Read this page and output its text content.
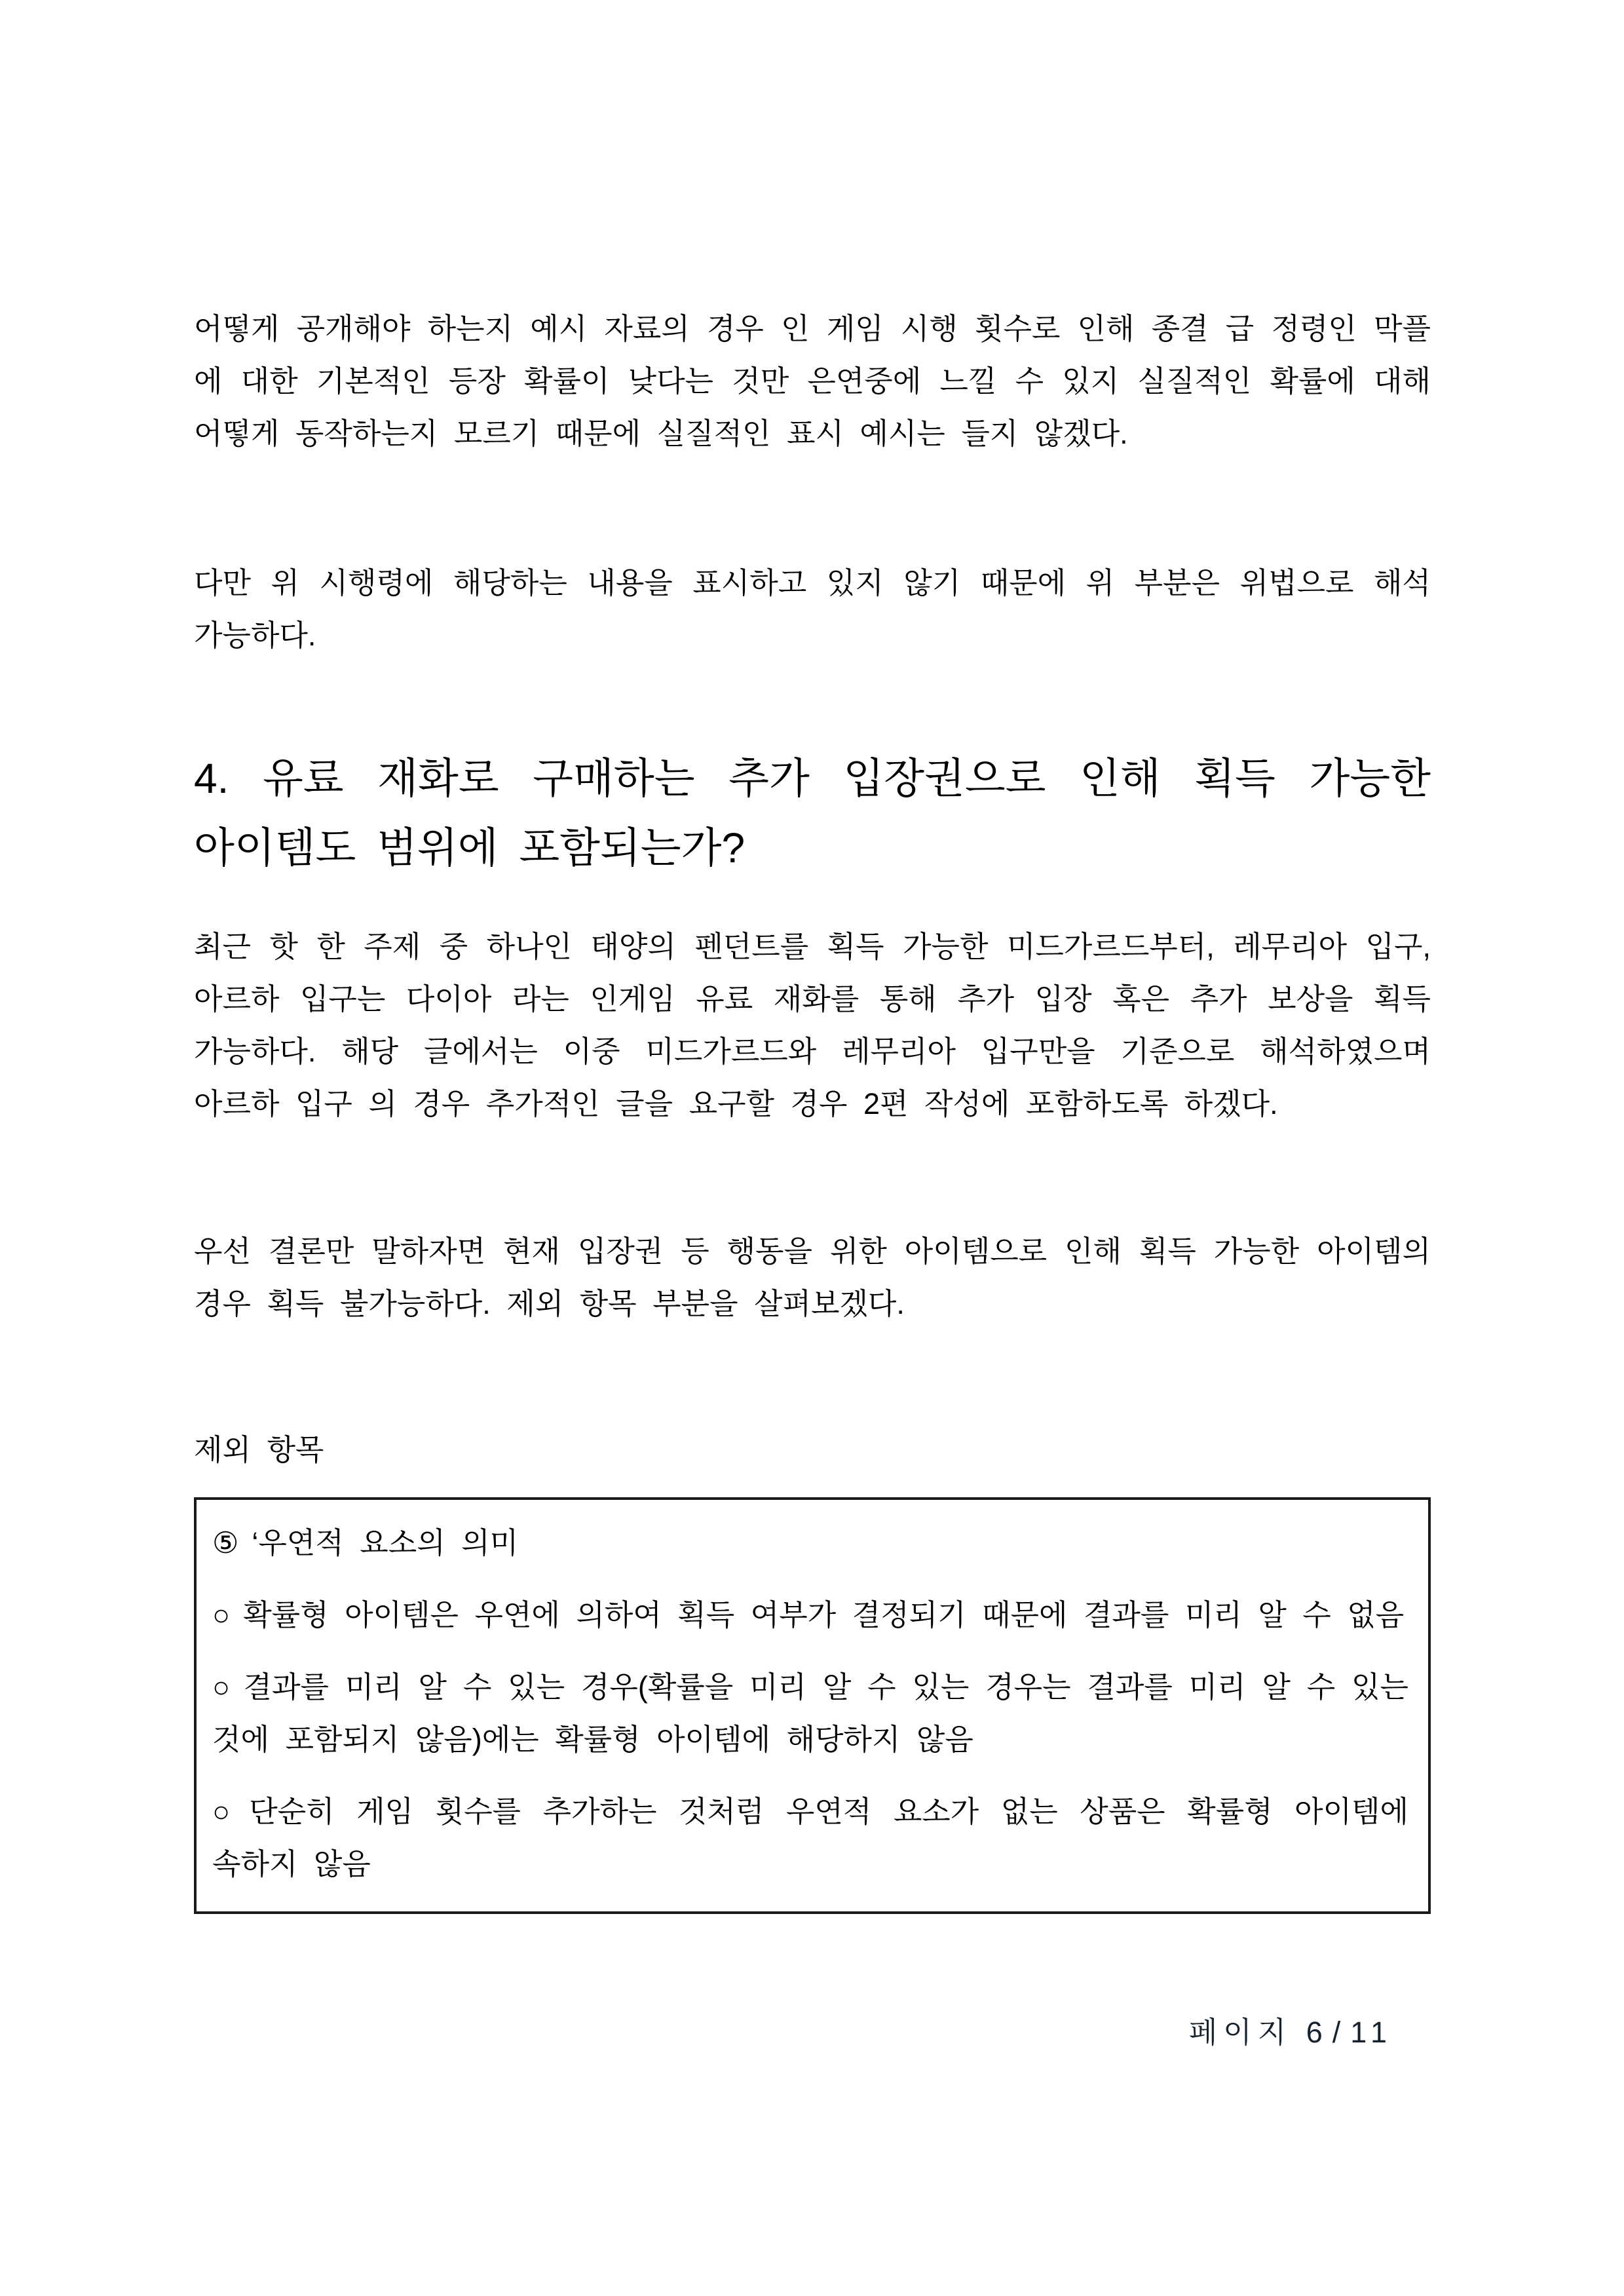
어떻게 공개해야 하는지 예시 자료의 경우 인 게임 시행 횟수로 인해 종결 급 정령인 막플 에 대한 기본적인 등장 확률이 낮다는 것만 은연중에 느낄 수 있지 실질적인 확률에 대해 어떻게 동작하는지 모르기 때문에 실질적인 표시 예시는 들지 않겠다.

다만 위 시행령에 해당하는 내용을 표시하고 있지 않기 때문에 위 부분은 위법으로 해석 가능하다.

4. 유료 재화로 구매하는 추가 입장권으로 인해 획득 가능한 아이템도 범위에 포함되는가?

최근 핫 한 주제 중 하나인 태양의 펜던트를 획득 가능한 미드가르드부터, 레무리아 입구, 아르하 입구는 다이아 라는 인게임 유료 재화를 통해 추가 입장 혹은 추가 보상을 획득 가능하다. 해당 글에서는 이중 미드가르드와 레무리아 입구만을 기준으로 해석하였으며 아르하 입구 의 경우 추가적인 글을 요구할 경우 2편 작성에 포함하도록 하겠다.

우선 결론만 말하자면 현재 입장권 등 행동을 위한 아이템으로 인해 획득 가능한 아이템의 경우 획득 불가능하다. 제외 항목 부분을 살펴보겠다.

제외 항목

⑤ ‘우연적 요소의 의미

○ 확률형 아이템은 우연에 의하여 획득 여부가 결정되기 때문에 결과를 미리 알 수 없음

○ 결과를 미리 알 수 있는 경우(확률을 미리 알 수 있는 경우는 결과를 미리 알 수 있는 것에 포함되지 않음)에는 확률형 아이템에 해당하지 않음

○ 단순히 게임 횟수를 추가하는 것처럼 우연적 요소가 없는 상품은 확률형 아이템에 속하지 않음

페이지 6 / 11
